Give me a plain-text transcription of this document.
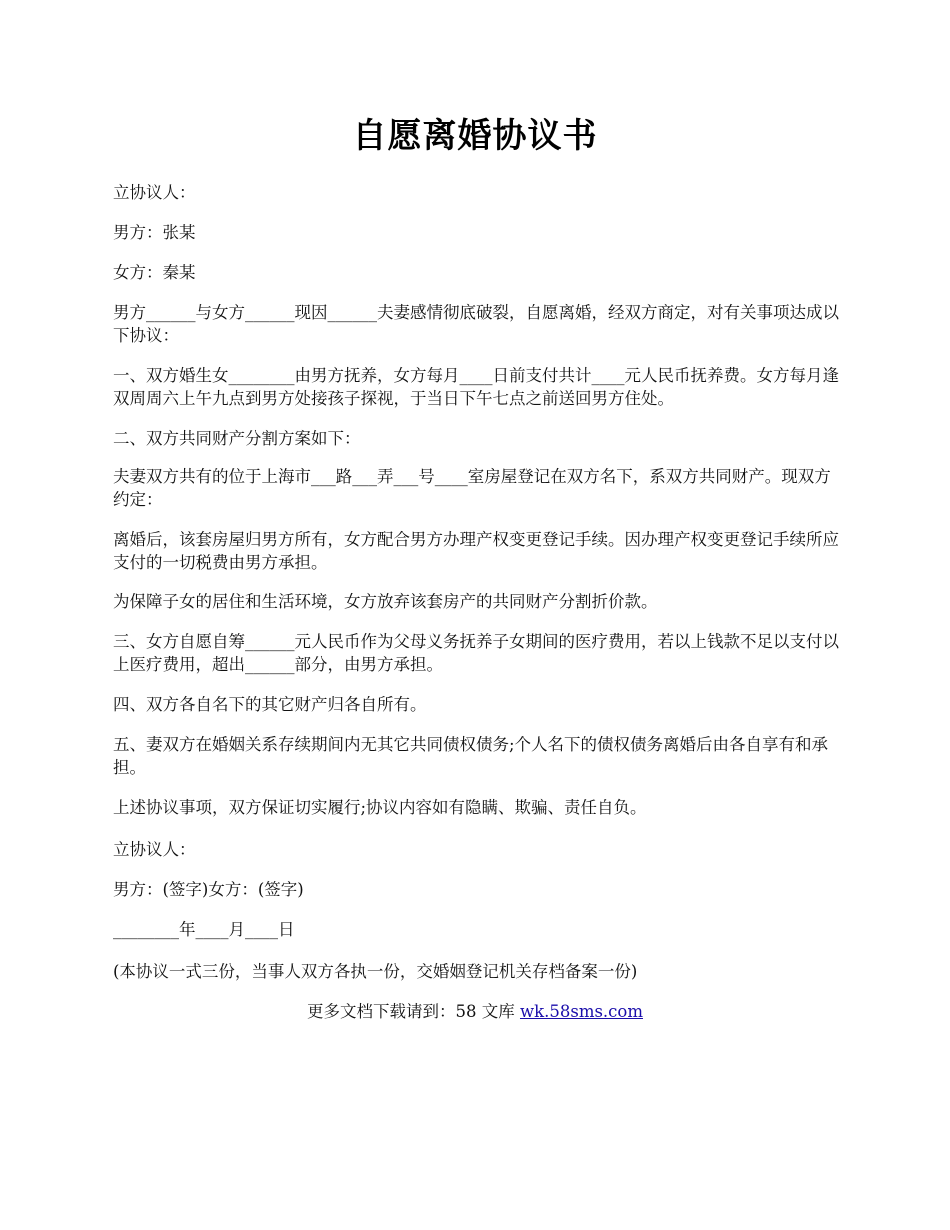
自愿离婚协议书

立协议人：

男方：张某

女方：秦某

男方______与女方______现因______夫妻感情彻底破裂，自愿离婚，经双方商定，对有关事项达成以下协议：

一、双方婚生女________由男方抚养，女方每月____日前支付共计____元人民币抚养费。女方每月逢双周周六上午九点到男方处接孩子探视，于当日下午七点之前送回男方住处。

二、双方共同财产分割方案如下：

夫妻双方共有的位于上海市___路___弄___号____室房屋登记在双方名下，系双方共同财产。现双方约定：

离婚后，该套房屋归男方所有，女方配合男方办理产权变更登记手续。因办理产权变更登记手续所应支付的一切税费由男方承担。

为保障子女的居住和生活环境，女方放弃该套房产的共同财产分割折价款。

三、女方自愿自筹______元人民币作为父母义务抚养子女期间的医疗费用，若以上钱款不足以支付以上医疗费用，超出______部分，由男方承担。

四、双方各自名下的其它财产归各自所有。

五、妻双方在婚姻关系存续期间内无其它共同债权债务;个人名下的债权债务离婚后由各自享有和承担。

上述协议事项，双方保证切实履行;协议内容如有隐瞒、欺骗、责任自负。

立协议人：

男方：(签字)女方：(签字)

________年____月____日

(本协议一式三份，当事人双方各执一份，交婚姻登记机关存档备案一份)

更多文档下载请到：58 文库 wk.58sms.com
